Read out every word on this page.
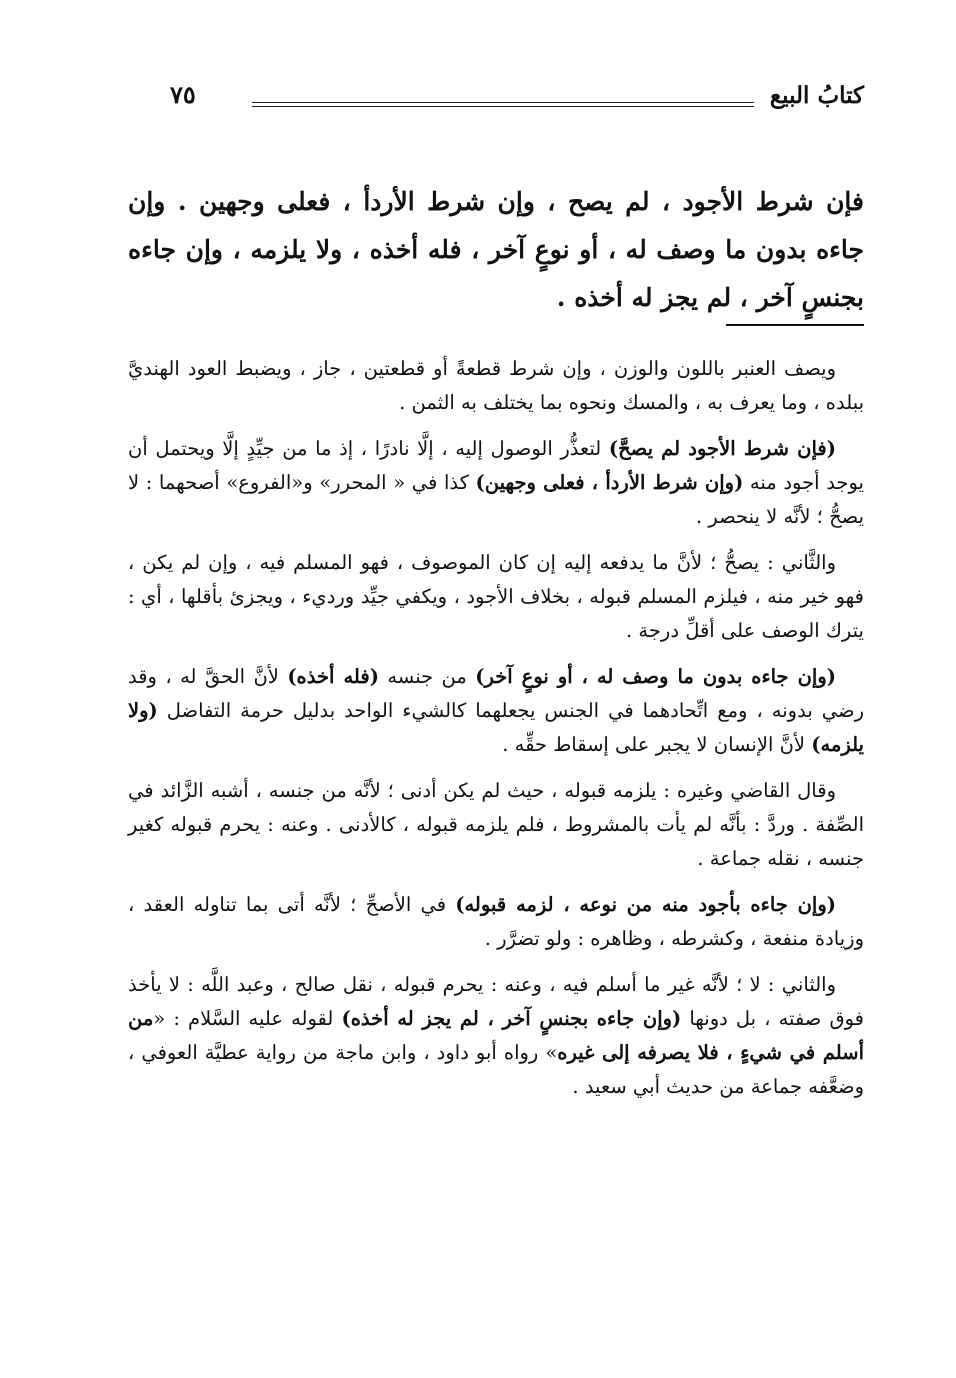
كتابُ البيع
٧٥
فإن شرط الأجود ، لم يصح ، وإن شرط الأردأ ، فعلى وجهين . وإن جاءه بدون ما وصف له ، أو نوعٍ آخر ، فله أخذه ، ولا يلزمه ، وإن جاءه بجنسٍ آخر ، لم يجز له أخذه .

ويصف العنبر باللون والوزن ، وإن شرط قطعةً أو قطعتين ، جاز ، ويضبط العود الهنديَّ ببلده ، وما يعرف به ، والمسك ونحوه بما يختلف به الثمن .

(فإن شرط الأجود لم يصحَّ) لتعذُّر الوصول إليه ، إلَّا نادرًا ، إذ ما من جيِّدٍ إلَّا ويحتمل أن يوجد أجود منه (وإن شرط الأردأ ، فعلى وجهين) كذا في « المحرر» و«الفروع» أصحهما : لا يصحُّ ؛ لأنَّه لا ينحصر .

والثَّاني : يصحُّ ؛ لأنَّ ما يدفعه إليه إن كان الموصوف ، فهو المسلم فيه ، وإن لم يكن ، فهو خير منه ، فيلزم المسلم قبوله ، بخلاف الأجود ، ويكفي جيِّد ورديء ، ويجزئ بأقلها ، أي : يترك الوصف على أقلِّ درجة .

(وإن جاءه بدون ما وصف له ، أو نوعٍ آخر) من جنسه (فله أخذه) لأنَّ الحقَّ له ، وقد رضي بدونه ، ومع اتِّحادهما في الجنس يجعلهما كالشيء الواحد بدليل حرمة التفاضل (ولا يلزمه) لأنَّ الإنسان لا يجبر على إسقاط حقِّه .

وقال القاضي وغيره : يلزمه قبوله ، حيث لم يكن أدنى ؛ لأنَّه من جنسه ، أشبه الزَّائد في الصِّفة . وردَّ : بأنَّه لم يأت بالمشروط ، فلم يلزمه قبوله ، كالأدنى . وعنه : يحرم قبوله كغير جنسه ، نقله جماعة .

(وإن جاءه بأجود منه من نوعه ، لزمه قبوله) في الأصحِّ ؛ لأنَّه أتى بما تناوله العقد ، وزيادة منفعة ، وكشرطه ، وظاهره : ولو تضرَّر .

والثاني : لا ؛ لأنَّه غير ما أسلم فيه ، وعنه : يحرم قبوله ، نقل صالح ، وعبد اللَّه : لا يأخذ فوق صفته ، بل دونها (وإن جاءه بجنسٍ آخر ، لم يجز له أخذه) لقوله عليه السَّلام : «من أسلم في شيءٍ ، فلا يصرفه إلى غيره» رواه أبو داود ، وابن ماجة من رواية عطيَّة العوفي ، وضعَّفه جماعة من حديث أبي سعيد .
